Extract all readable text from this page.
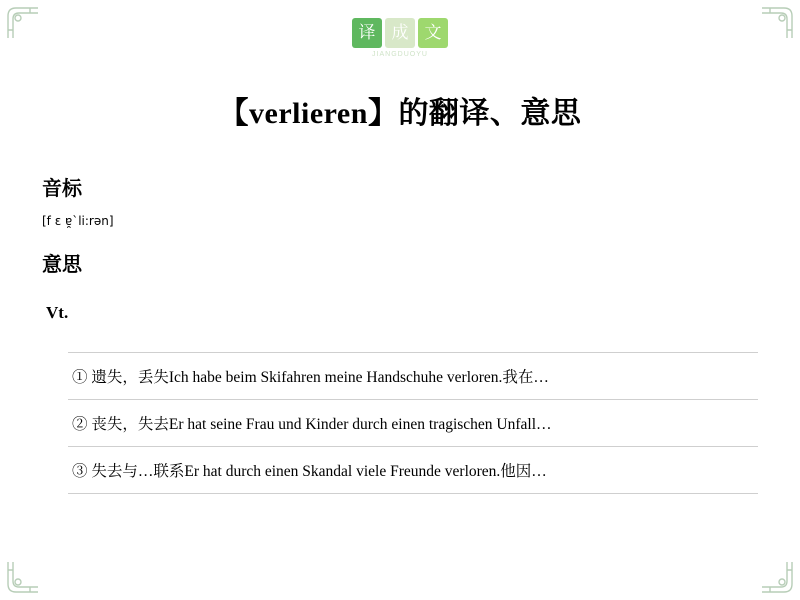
译 成 文
JIANGDUOYU
【verlieren】的翻译、意思
音标
[f ɛ ɐ̯`li:rən]
意思
Vt.
1. ① 遗失，丢失Ich habe beim Skifahren meine Handschuhe verloren.我在…
2. ② 丧失，失去Er hat seine Frau und Kinder durch einen tragischen Unfall…
3. ③ 失去与…联系Er hat durch einen Skandal viele Freunde verloren.他因…
